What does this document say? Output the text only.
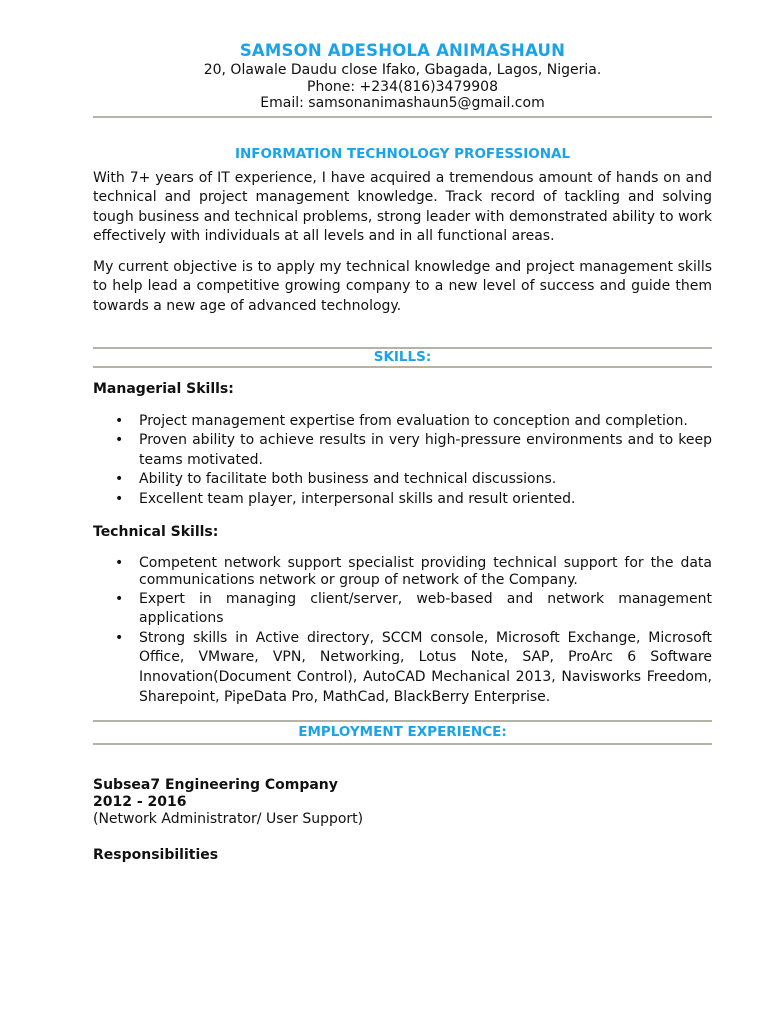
SAMSON ADESHOLA ANIMASHAUN
20, Olawale Daudu close Ifako, Gbagada, Lagos, Nigeria.
Phone: +234(816)3479908
Email: samsonanimashaun5@gmail.com
INFORMATION TECHNOLOGY PROFESSIONAL

With 7+ years of IT experience, I have acquired a tremendous amount of hands on and technical and project management knowledge. Track record of tackling and solving tough business and technical problems, strong leader with demonstrated ability to work effectively with individuals at all levels and in all functional areas.

My current objective is to apply my technical knowledge and project management skills to help lead a competitive growing company to a new level of success and guide them towards a new age of advanced technology.

SKILLS:
Managerial Skills:
• Project management expertise from evaluation to conception and completion.
• Proven ability to achieve results in very high-pressure environments and to keep teams motivated.
• Ability to facilitate both business and technical discussions.
• Excellent team player, interpersonal skills and result oriented.
Technical Skills:
• Competent network support specialist providing technical support for the data communications network or group of network of the Company.
• Expert in managing client/server, web-based and network management applications
• Strong skills in Active directory, SCCM console, Microsoft Exchange, Microsoft Office, VMware, VPN, Networking, Lotus Note, SAP, ProArc 6 Software Innovation(Document Control), AutoCAD Mechanical 2013, Navisworks Freedom, Sharepoint, PipeData Pro, MathCad, BlackBerry Enterprise.
EMPLOYMENT EXPERIENCE:
Subsea7 Engineering Company
2012 - 2016
(Network Administrator/ User Support)
Responsibilities
